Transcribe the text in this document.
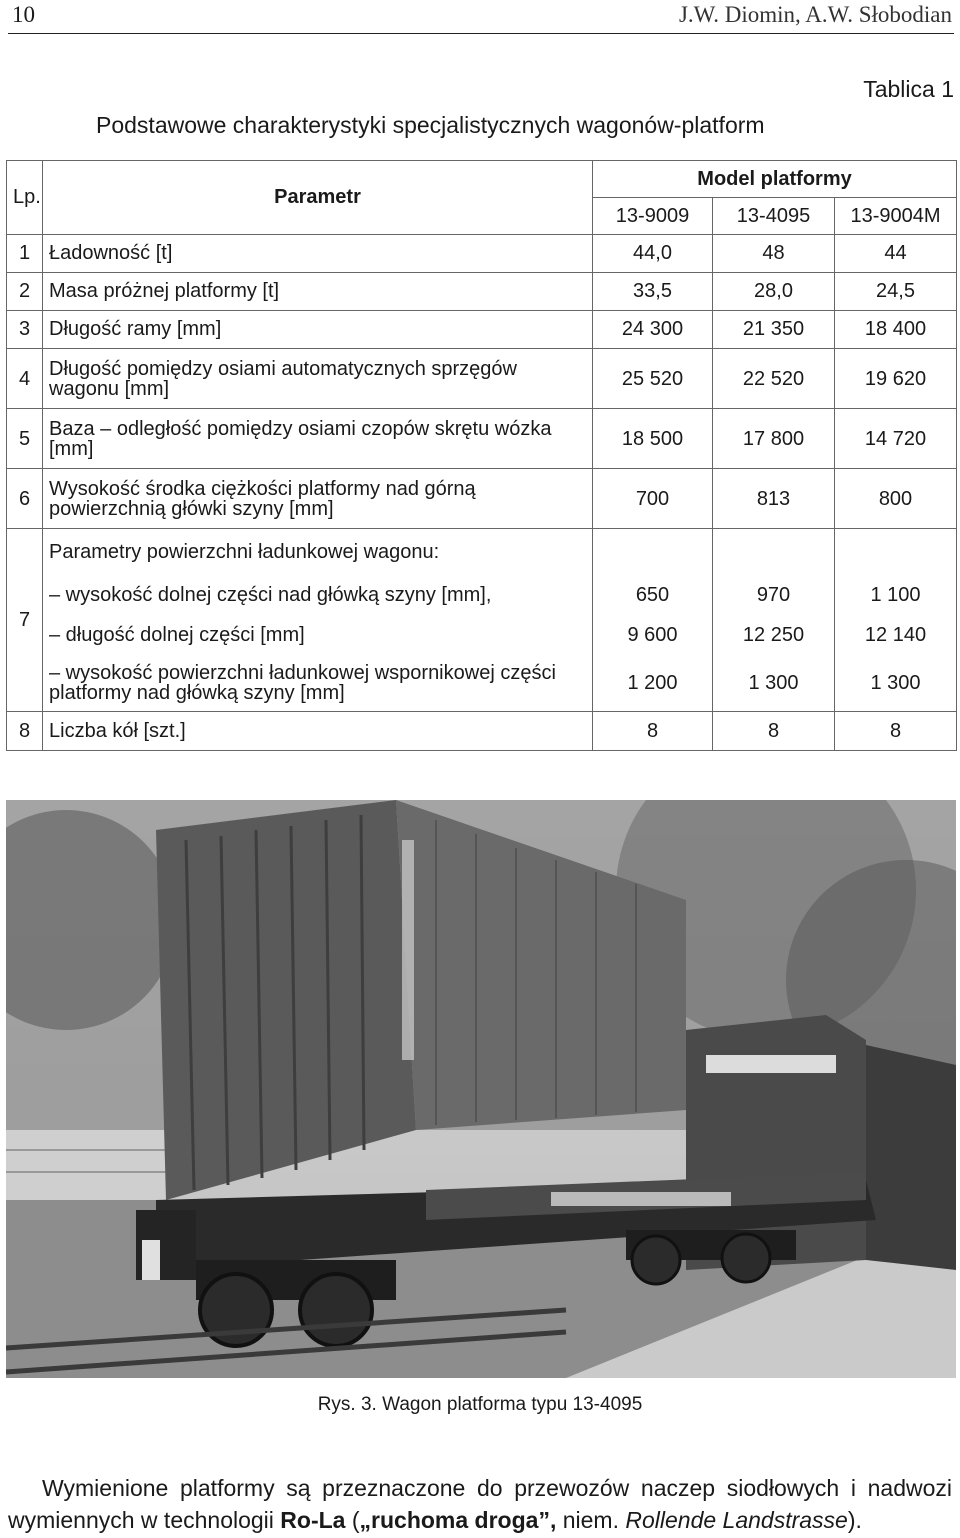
10	J.W. Diomin, A.W. Słobodian
Tablica 1
Podstawowe charakterystyki specjalistycznych wagonów-platform
Lp.	Parametr	Model platformy		
		13-9009	13-4095	13-9004M
1	Ładowność [t]	44,0	48	44
2	Masa próżnej platformy [t]	33,5	28,0	24,5
3	Długość ramy [mm]	24 300	21 350	18 400
4	Długość pomiędzy osiami automatycznych sprzęgów wagonu [mm]	25 520	22 520	19 620
5	Baza – odległość pomiędzy osiami czopów skrętu wózka [mm]	18 500	17 800	14 720
6	Wysokość środka ciężkości platformy nad górną powierzchnią główki szyny [mm]	700	813	800
7	Parametry powierzchni ładunkowej wagonu:			
	– wysokość dolnej części nad główką szyny [mm],	650	970	1 100
	– długość dolnej części [mm]	9 600	12 250	12 140
	– wysokość powierzchni ładunkowej wspornikowej części platformy nad główką szyny [mm]	1 200	1 300	1 300
8	Liczba kół [szt.]	8	8	8
Rys. 3. Wagon platforma typu 13-4095
Wymienione platformy są przeznaczone do przewozów naczep siodłowych i nadwozi wymiennych w technologii Ro-La („ruchoma droga”, niem. Rollende Landstrasse).
